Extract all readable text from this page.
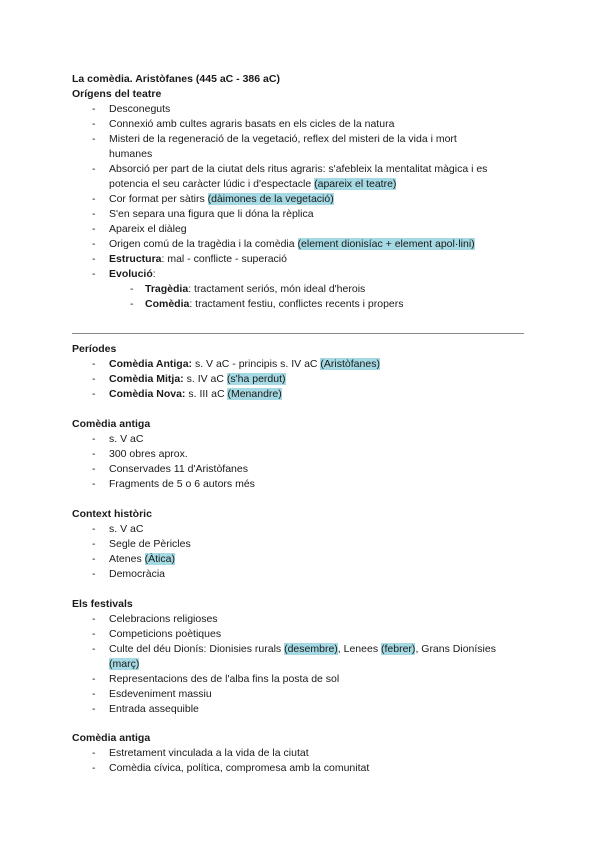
La comèdia. Aristòfanes (445 aC - 386 aC)
Orígens del teatre
- Desconeguts
- Connexió amb cultes agraris basats en els cicles de la natura
- Misteri de la regeneració de la vegetació, reflex del misteri de la vida i mort
humanes
- Absorció per part de la ciutat dels ritus agraris: s'afebleix la mentalitat màgica i es
potencia el seu caràcter lúdic i d'espectacle (apareix el teatre)
- Cor format per sàtirs (dàimones de la vegetació)
- S'en separa una figura que li dóna la rèplica
- Apareix el diàleg
- Origen comú de la tragèdia i la comèdia (element dionisíac + element apol·lini)
- Estructura: mal - conflicte - superació
- Evolució:
- Tragèdia: tractament seriós, món ideal d'herois
- Comèdia: tractament festiu, conflictes recents i propers
Períodes
- Comèdia Antiga: s. V aC - principis s. IV aC (Aristòfanes)
- Comèdia Mitja: s. IV aC (s'ha perdut)
- Comèdia Nova: s. III aC (Menandre)
Comèdia antiga
- s. V aC
- 300 obres aprox.
- Conservades 11 d'Aristòfanes
- Fragments de 5 o 6 autors més
Context històric
- s. V aC
- Segle de Pèricles
- Atenes (Àtica)
- Democràcia
Els festivals
- Celebracions religioses
- Competicions poètiques
- Culte del déu Dionís: Dionisies rurals (desembre), Lenees (febrer), Grans Dionísies
(març)
- Representacions des de l'alba fins la posta de sol
- Esdeveniment massiu
- Entrada assequible
Comèdia antiga
- Estretament vinculada a la vida de la ciutat
- Comèdia cívica, política, compromesa amb la comunitat
